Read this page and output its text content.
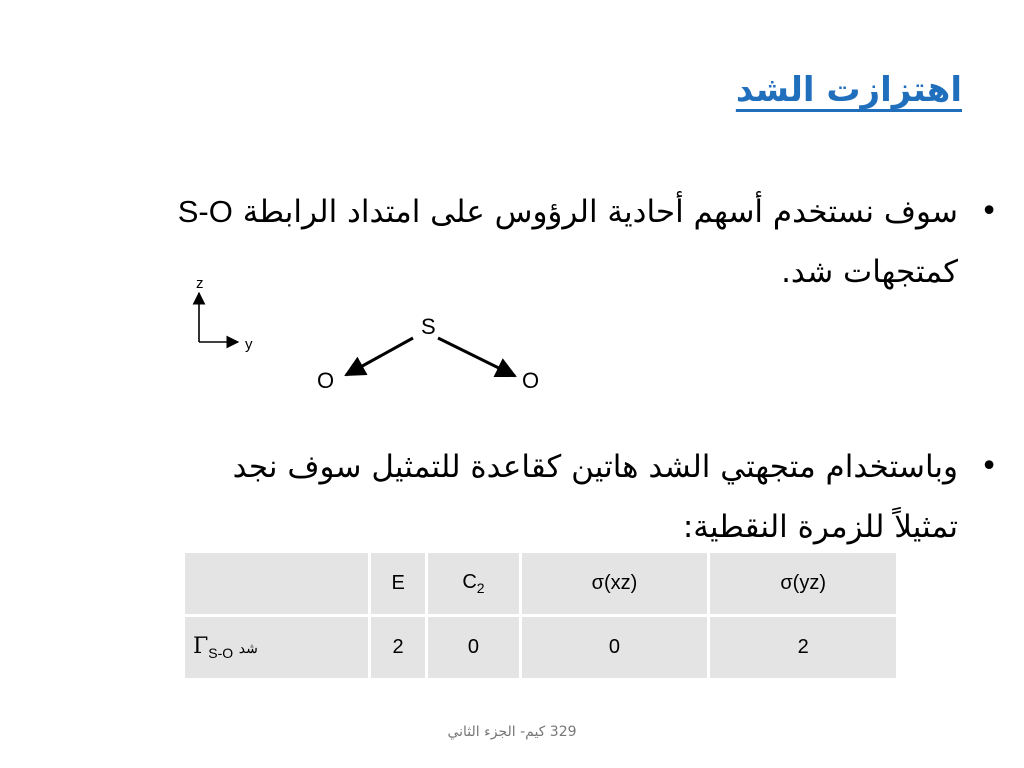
اهتزازت الشد
•
سوف نستخدم أسهم أحادية الرؤوس على امتداد الرابطة S-O
كمتجهات شد.
z
y
S
O	O
•
وباستخدام متجهتي الشد هاتين كقاعدة للتمثيل سوف نجد
تمثيلاً للزمرة النقطية:
	E	$C_2$	σ(xz)	σ(yz)
$\Gamma_{S-O}$ شد	2	0	0	2
329 كيم- الجزء الثاني
